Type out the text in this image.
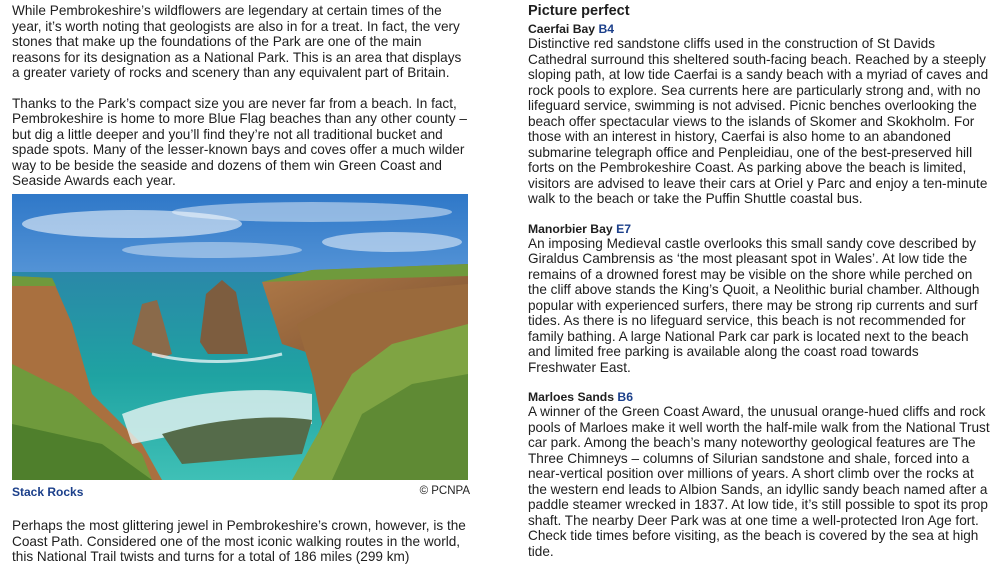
While Pembrokeshire’s wildflowers are legendary at certain times of the year, it’s worth noting that geologists are also in for a treat. In fact, the very stones that make up the foundations of the Park are one of the main reasons for its designation as a National Park. This is an area that displays a greater variety of rocks and scenery than any equivalent part of Britain.

Thanks to the Park’s compact size you are never far from a beach. In fact, Pembrokeshire is home to more Blue Flag beaches than any other county – but dig a little deeper and you’ll find they’re not all traditional bucket and spade spots. Many of the lesser-known bays and coves offer a much wilder way to be beside the seaside and dozens of them win Green Coast and Seaside Awards each year.

Stack Rocks	© PCNPA

Perhaps the most glittering jewel in Pembrokeshire’s crown, however, is the Coast Path. Considered one of the most iconic walking routes in the world, this National Trail twists and turns for a total of 186 miles (299 km)

Picture perfect
Caerfai Bay B4

Distinctive red sandstone cliffs used in the construction of St Davids Cathedral surround this sheltered south-facing beach. Reached by a steeply sloping path, at low tide Caerfai is a sandy beach with a myriad of caves and rock pools to explore. Sea currents here are particularly strong and, with no lifeguard service, swimming is not advised. Picnic benches overlooking the beach offer spectacular views to the islands of Skomer and Skokholm. For those with an interest in history, Caerfai is also home to an abandoned submarine telegraph office and Penpleidiau, one of the best-preserved hill forts on the Pembrokeshire Coast. As parking above the beach is limited, visitors are advised to leave their cars at Oriel y Parc and enjoy a ten-minute walk to the beach or take the Puffin Shuttle coastal bus.

Manorbier Bay E7

An imposing Medieval castle overlooks this small sandy cove described by Giraldus Cambrensis as ‘the most pleasant spot in Wales’. At low tide the remains of a drowned forest may be visible on the shore while perched on the cliff above stands the King’s Quoit, a Neolithic burial chamber. Although popular with experienced surfers, there may be strong rip currents and surf tides. As there is no lifeguard service, this beach is not recommended for family bathing. A large National Park car park is located next to the beach and limited free parking is available along the coast road towards Freshwater East.

Marloes Sands B6

A winner of the Green Coast Award, the unusual orange-hued cliffs and rock pools of Marloes make it well worth the half-mile walk from the National Trust car park. Among the beach’s many noteworthy geological features are The Three Chimneys – columns of Silurian sandstone and shale, forced into a near-vertical position over millions of years. A short climb over the rocks at the western end leads to Albion Sands, an idyllic sandy beach named after a paddle steamer wrecked in 1837. At low tide, it’s still possible to spot its prop shaft. The nearby Deer Park was at one time a well-protected Iron Age fort. Check tide times before visiting, as the beach is covered by the sea at high tide.
